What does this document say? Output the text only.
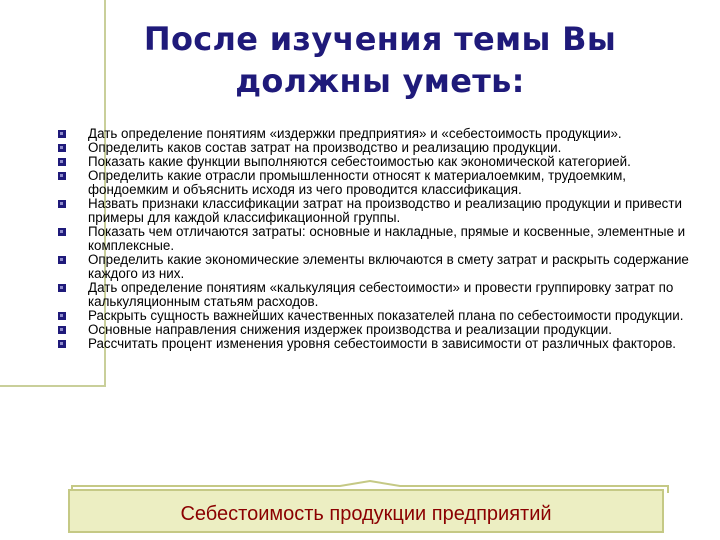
После изучения темы Вы должны уметь:
Дать определение понятиям «издержки предприятия» и «себестоимость продукции».
Определить каков состав затрат на производство и реализацию продукции.
Показать какие функции выполняются себестоимостью как экономической категорией.
Определить какие отрасли промышленности относят к материалоемким, трудоемким, фондоемким и объяснить исходя из чего проводится классификация.
Назвать признаки классификации затрат на производство и реализацию продукции и привести примеры для каждой классификационной группы.
Показать чем отличаются затраты: основные и накладные, прямые и косвенные, элементные и комплексные.
Определить какие экономические элементы включаются в смету затрат и раскрыть содержание каждого из них.
Дать определение понятиям «калькуляция себестоимости» и провести группировку затрат по калькуляционным статьям расходов.
Раскрыть сущность важнейших качественных показателей плана по себестоимости продукции.
Основные направления снижения издержек производства и реализации продукции.
Рассчитать процент изменения уровня себестоимости в зависимости от различных факторов.
Себестоимость продукции предприятий
